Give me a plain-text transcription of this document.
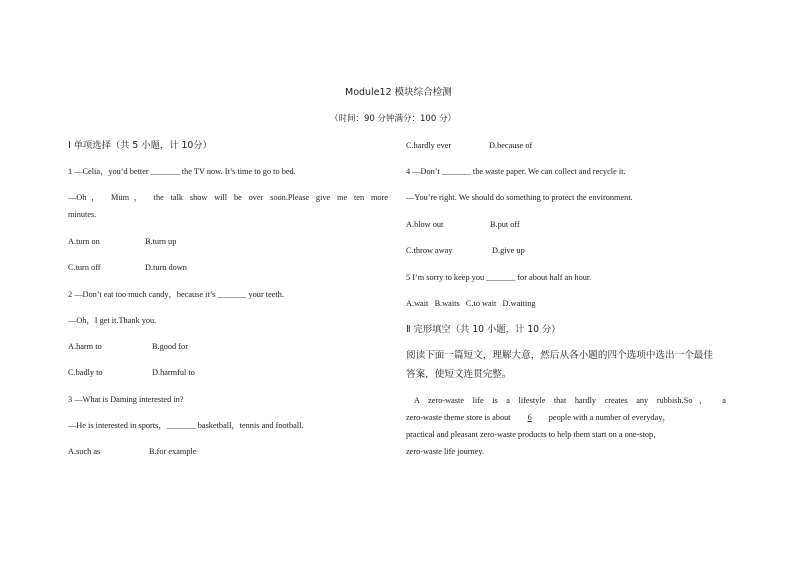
Module12 模块综合检测
（时间：90 分钟满分：100 分）
Ⅰ 单项选择（共 5 小题，计 10分）
1 —Celia，you’d better _______ the TV now. It’s time to go to bed.
—Oh， Mum， the talk show will be over soon.Please give me ten more
minutes.
A.turn on	B.turn up
C.turn off	D.turn down
2 —Don’t eat too much candy，because it’s _______ your teeth.
—Oh，I get it.Thank you.
A.harm to	B.good for
C.badly to	D.harmful to
3 —What is Daming interested in?
—He is interested in sports，_______ basketball，tennis and football.
A.such as	B.for example
C.hardly ever	D.because of
4 —Don’t _______ the waste paper. We can collect and recycle it.
—You’re right. We should do something to protect the environment.
A.blow out	B.put off
C.throw away	D.give up
5 I’m sorry to keep you _______ for about half an hour.
A.wait   B.waits   C.to wait   D.waiting
Ⅱ 完形填空（共 10 小题，计 10 分）
阅读下面一篇短文，理解大意，然后从各小题的四个选项中选出一个最佳
答案，使短文连贯完整。
A zero-waste life is a lifestyle that hardly creates any rubbish.So， a
zero-waste theme store is about 6 people with a number of everyday，
practical and pleasant zero-waste products to help them start on a one-stop，
zero-waste life journey.
